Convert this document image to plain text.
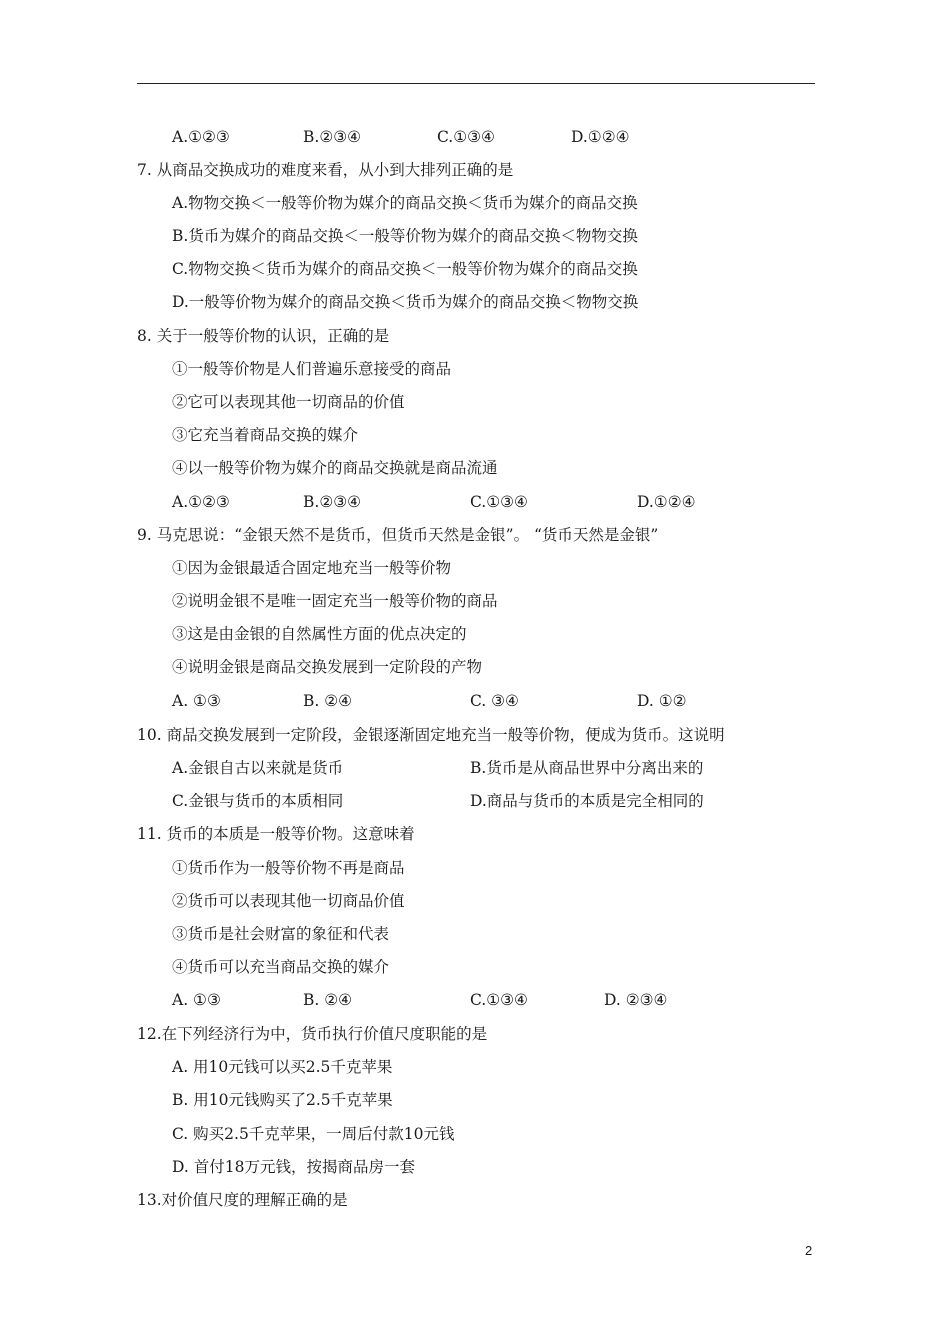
A.①②③	B.②③④	C.①③④	D.①②④
7. 从商品交换成功的难度来看，从小到大排列正确的是
A.物物交换＜一般等价物为媒介的商品交换＜货币为媒介的商品交换
B.货币为媒介的商品交换＜一般等价物为媒介的商品交换＜物物交换
C.物物交换＜货币为媒介的商品交换＜一般等价物为媒介的商品交换
D.一般等价物为媒介的商品交换＜货币为媒介的商品交换＜物物交换
8. 关于一般等价物的认识，正确的是
①一般等价物是人们普遍乐意接受的商品
②它可以表现其他一切商品的价值
③它充当着商品交换的媒介
④以一般等价物为媒介的商品交换就是商品流通
A.①②③	B.②③④	C.①③④	D.①②④
9. 马克思说：“金银天然不是货币，但货币天然是金银”。 “货币天然是金银”
①因为金银最适合固定地充当一般等价物
②说明金银不是唯一固定充当一般等价物的商品
③这是由金银的自然属性方面的优点决定的
④说明金银是商品交换发展到一定阶段的产物
A. ①③	B. ②④	C. ③④	D. ①②
10. 商品交换发展到一定阶段，金银逐渐固定地充当一般等价物，便成为货币。这说明
A.金银自古以来就是货币	B.货币是从商品世界中分离出来的
C.金银与货币的本质相同	D.商品与货币的本质是完全相同的
11. 货币的本质是一般等价物。这意味着
①货币作为一般等价物不再是商品
②货币可以表现其他一切商品价值
③货币是社会财富的象征和代表
④货币可以充当商品交换的媒介
A. ①③	B. ②④	C.①③④	D. ②③④
12.在下列经济行为中，货币执行价值尺度职能的是
A. 用10元钱可以买2.5千克苹果
B. 用10元钱购买了2.5千克苹果
C. 购买2.5千克苹果，一周后付款10元钱
D. 首付18万元钱，按揭商品房一套
13.对价值尺度的理解正确的是
2
